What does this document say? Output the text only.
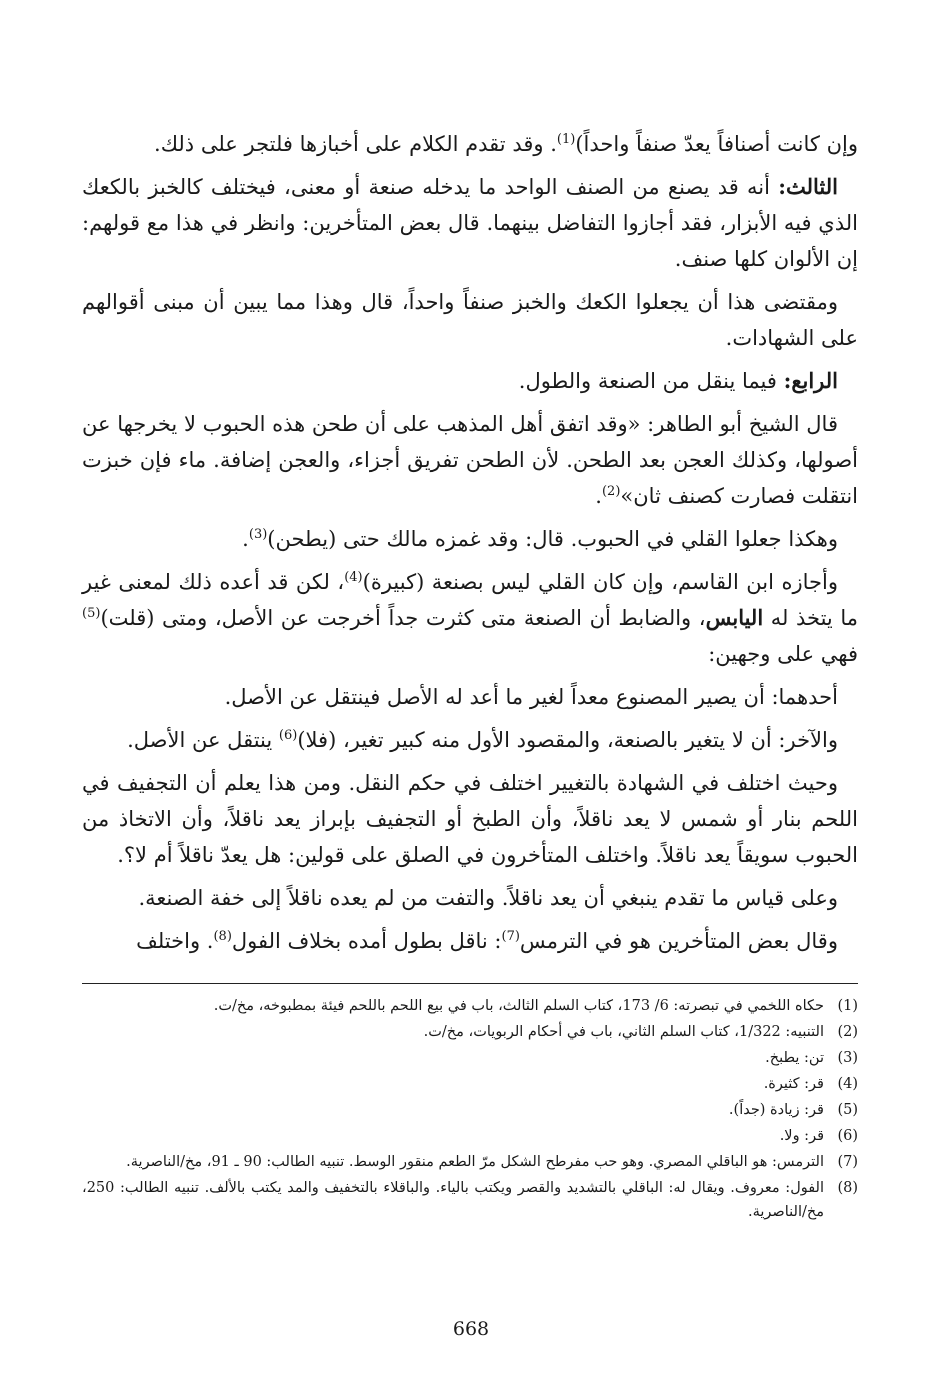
وإن كانت أصنافاً يعدّ صنفاً واحداً)$^{(1)}$. وقد تقدم الكلام على أخبازها فلتجر على ذلك.

الثالث: أنه قد يصنع من الصنف الواحد ما يدخله صنعة أو معنى، فيختلف كالخبز بالكعك الذي فيه الأبزار، فقد أجازوا التفاضل بينهما. قال بعض المتأخرين: وانظر في هذا مع قولهم: إن الألوان كلها صنف.

ومقتضى هذا أن يجعلوا الكعك والخبز صنفاً واحداً، قال وهذا مما يبين أن مبنى أقوالهم على الشهادات.

الرابع: فيما ينقل من الصنعة والطول.

قال الشيخ أبو الطاهر: «وقد اتفق أهل المذهب على أن طحن هذه الحبوب لا يخرجها عن أصولها، وكذلك العجن بعد الطحن. لأن الطحن تفريق أجزاء، والعجن إضافة. ماء فإن خبزت انتقلت فصارت كصنف ثان»$^{(2)}$.

وهكذا جعلوا القلي في الحبوب. قال: وقد غمزه مالك حتى (يطحن)$^{(3)}$.

وأجازه ابن القاسم، وإن كان القلي ليس بصنعة (كبيرة)$^{(4)}$، لكن قد أعده ذلك لمعنى غير ما يتخذ له اليابس، والضابط أن الصنعة متى كثرت جداً أخرجت عن الأصل، ومتى (قلت)$^{(5)}$ فهي على وجهين:

أحدهما: أن يصير المصنوع معداً لغير ما أعد له الأصل فينتقل عن الأصل.

والآخر: أن لا يتغير بالصنعة، والمقصود الأول منه كبير تغير، (فلا)$^{(6)}$ ينتقل عن الأصل.

وحيث اختلف في الشهادة بالتغيير اختلف في حكم النقل. ومن هذا يعلم أن التجفيف في اللحم بنار أو شمس لا يعد ناقلاً، وأن الطبخ أو التجفيف بإبراز يعد ناقلاً، وأن الاتخاذ من الحبوب سويقاً يعد ناقلاً. واختلف المتأخرون في الصلق على قولين: هل يعدّ ناقلاً أم لا؟.

وعلى قياس ما تقدم ينبغي أن يعد ناقلاً. والتفت من لم يعده ناقلاً إلى خفة الصنعة.

وقال بعض المتأخرين هو في الترمس$^{(7)}$: ناقل بطول أمده بخلاف الفول$^{(8)}$. واختلف

(1)
حكاه اللخمي في تبصرته: 6/ 173، كتاب السلم الثالث، باب في بيع اللحم باللحم فيئة بمطبوخه، مخ/ت.
(2)
التنبيه: 1/322، كتاب السلم الثاني، باب في أحكام الربويات، مخ/ت.
(3)
تن: يطبخ.
(4)
قر: كثيرة.
(5)
قر: زيادة (جداً).
(6)
قر: ولا.
(7)
الترمس: هو الباقلي المصري. وهو حب مفرطح الشكل مرّ الطعم منقور الوسط. تنبيه الطالب: 90 ـ 91، مخ/الناصرية.
(8)
الفول: معروف. ويقال له: الباقلي بالتشديد والقصر ويكتب بالياء. والباقلاء بالتخفيف والمد يكتب بالألف. تنبيه الطالب: 250، مخ/الناصرية.
668
